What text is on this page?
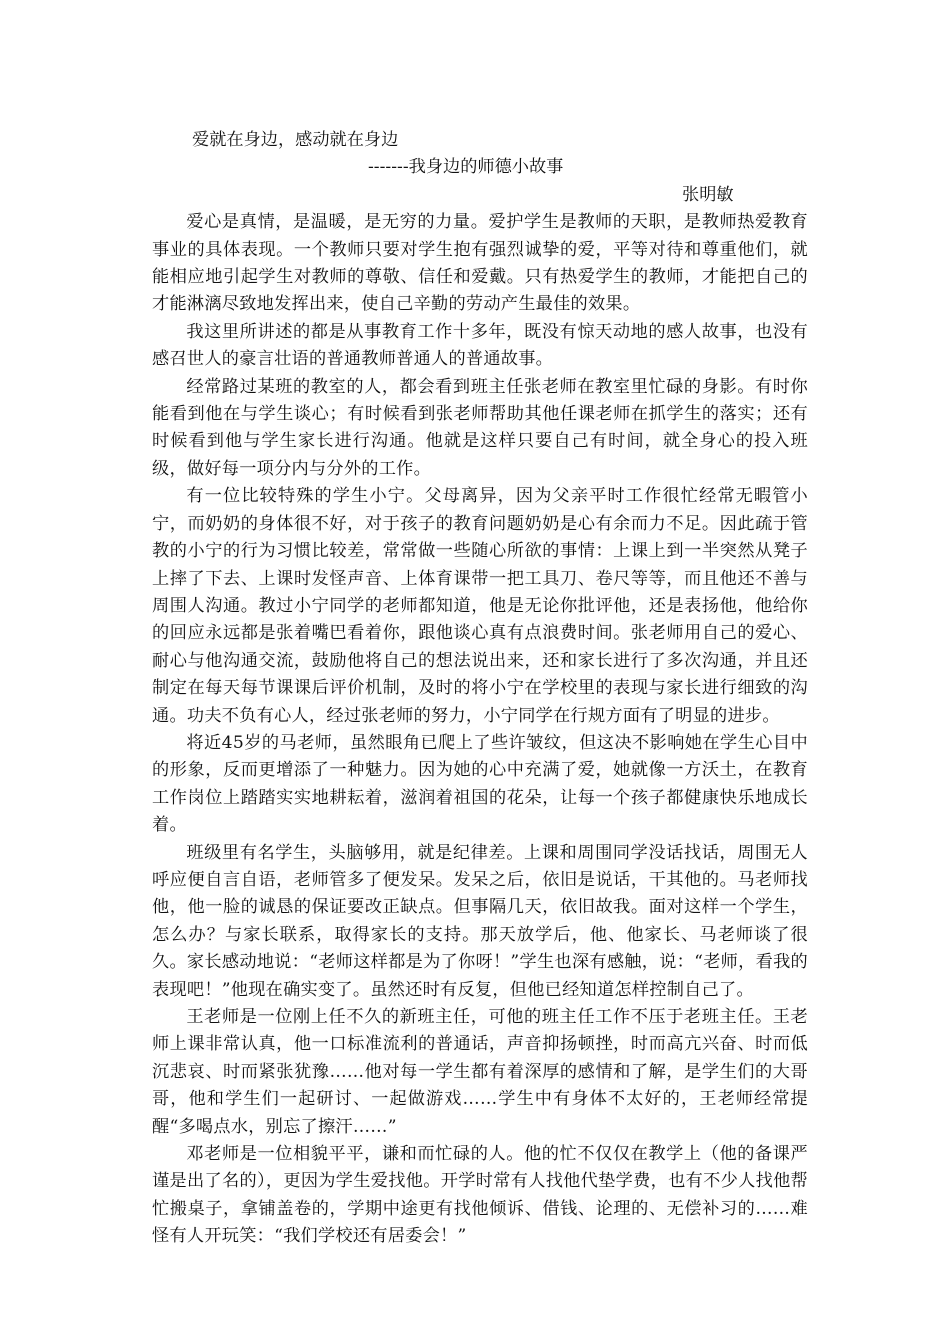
爱就在身边，感动就在身边
-------我身边的师德小故事
张明敏

爱心是真情，是温暖，是无穷的力量。爱护学生是教师的天职，是教师热爱教育事业的具体表现。一个教师只要对学生抱有强烈诚挚的爱，平等对待和尊重他们，就能相应地引起学生对教师的尊敬、信任和爱戴。只有热爱学生的教师，才能把自己的才能淋漓尽致地发挥出来，使自己辛勤的劳动产生最佳的效果。

我这里所讲述的都是从事教育工作十多年，既没有惊天动地的感人故事，也没有感召世人的豪言壮语的普通教师普通人的普通故事。

经常路过某班的教室的人，都会看到班主任张老师在教室里忙碌的身影。有时你能看到他在与学生谈心；有时候看到张老师帮助其他任课老师在抓学生的落实；还有时候看到他与学生家长进行沟通。他就是这样只要自己有时间，就全身心的投入班级，做好每一项分内与分外的工作。

有一位比较特殊的学生小宁。父母离异，因为父亲平时工作很忙经常无暇管小宁，而奶奶的身体很不好，对于孩子的教育问题奶奶是心有余而力不足。因此疏于管教的小宁的行为习惯比较差，常常做一些随心所欲的事情：上课上到一半突然从凳子上摔了下去、上课时发怪声音、上体育课带一把工具刀、卷尺等等，而且他还不善与周围人沟通。教过小宁同学的老师都知道，他是无论你批评他，还是表扬他，他给你的回应永远都是张着嘴巴看着你，跟他谈心真有点浪费时间。张老师用自己的爱心、耐心与他沟通交流，鼓励他将自己的想法说出来，还和家长进行了多次沟通，并且还制定在每天每节课课后评价机制，及时的将小宁在学校里的表现与家长进行细致的沟通。功夫不负有心人，经过张老师的努力，小宁同学在行规方面有了明显的进步。

将近45岁的马老师，虽然眼角已爬上了些许皱纹，但这决不影响她在学生心目中的形象，反而更增添了一种魅力。因为她的心中充满了爱，她就像一方沃土，在教育工作岗位上踏踏实实地耕耘着，滋润着祖国的花朵，让每一个孩子都健康快乐地成长着。

班级里有名学生，头脑够用，就是纪律差。上课和周围同学没话找话，周围无人呼应便自言自语，老师管多了便发呆。发呆之后，依旧是说话，干其他的。马老师找他，他一脸的诚恳的保证要改正缺点。但事隔几天，依旧故我。面对这样一个学生，怎么办？与家长联系，取得家长的支持。那天放学后，他、他家长、马老师谈了很久。家长感动地说：“老师这样都是为了你呀！”学生也深有感触，说：“老师，看我的表现吧！”他现在确实变了。虽然还时有反复，但他已经知道怎样控制自己了。

王老师是一位刚上任不久的新班主任，可他的班主任工作不压于老班主任。王老师上课非常认真，他一口标准流利的普通话，声音抑扬顿挫，时而高亢兴奋、时而低沉悲哀、时而紧张犹豫……他对每一学生都有着深厚的感情和了解，是学生们的大哥哥，他和学生们一起研讨、一起做游戏……学生中有身体不太好的，王老师经常提醒“多喝点水，别忘了擦汗……”

邓老师是一位相貌平平，谦和而忙碌的人。他的忙不仅仅在教学上（他的备课严谨是出了名的），更因为学生爱找他。开学时常有人找他代垫学费，也有不少人找他帮忙搬桌子，拿铺盖卷的，学期中途更有找他倾诉、借钱、论理的、无偿补习的……难怪有人开玩笑：“我们学校还有居委会！”
